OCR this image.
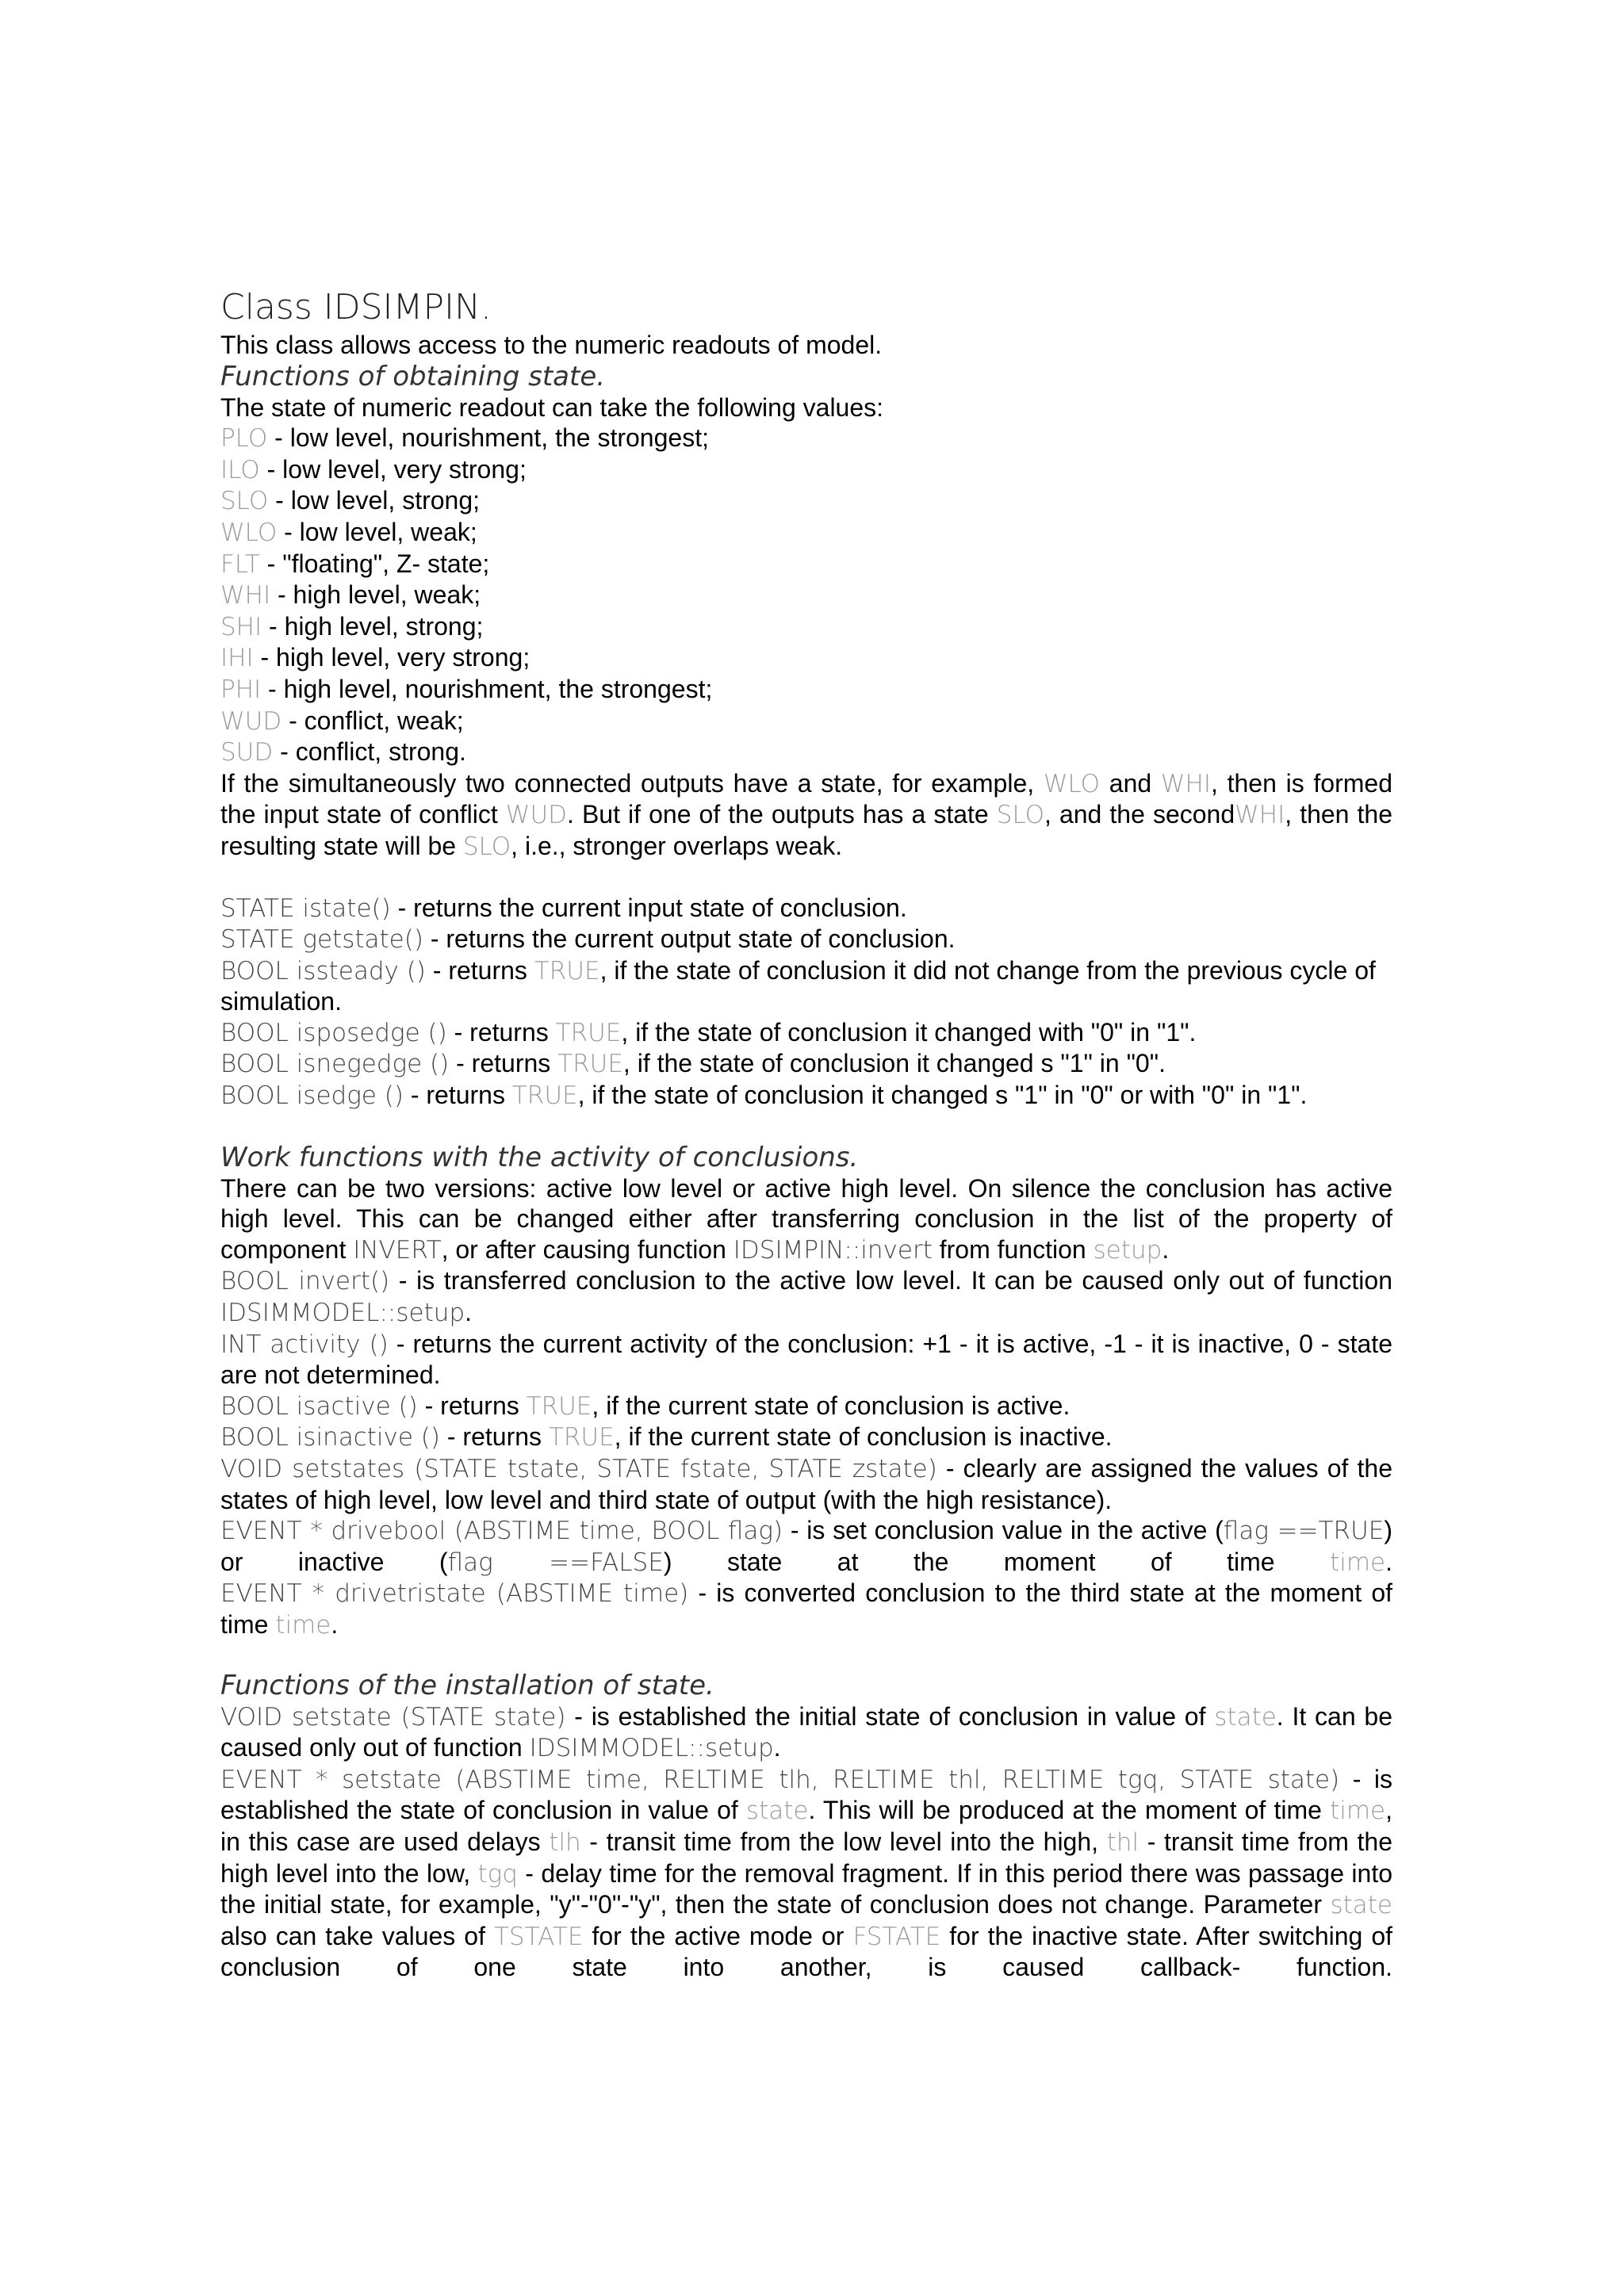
Class IDSIMPIN.
This class allows access to the numeric readouts of model.
Functions of obtaining state.
The state of numeric readout can take the following values:
PLO - low level, nourishment, the strongest;
ILO - low level, very strong;
SLO - low level, strong;
WLO - low level, weak;
FLT - "floating", Z- state;
WHI - high level, weak;
SHI - high level, strong;
IHI - high level, very strong;
PHI - high level, nourishment, the strongest;
WUD - conflict, weak;
SUD - conflict, strong.
If the simultaneously two connected outputs have a state, for example, WLO and WHI, then is formed the input state of conflict WUD. But if one of the outputs has a state SLO, and the secondWHI, then the resulting state will be SLO, i.e., stronger overlaps weak.
STATE istate() - returns the current input state of conclusion.
STATE getstate() - returns the current output state of conclusion.
BOOL issteady () - returns TRUE, if the state of conclusion it did not change from the previous cycle of simulation.
BOOL isposedge () - returns TRUE, if the state of conclusion it changed with "0" in "1".
BOOL isnegedge () - returns TRUE, if the state of conclusion it changed s "1" in "0".
BOOL isedge () - returns TRUE, if the state of conclusion it changed s "1" in "0" or with "0" in "1".
Work functions with the activity of conclusions.
There can be two versions: active low level or active high level. On silence the conclusion has active high level. This can be changed either after transferring conclusion in the list of the property of component INVERT, or after causing function IDSIMPIN::invert from function setup.
BOOL invert() - is transferred conclusion to the active low level. It can be caused only out of function IDSIMMODEL::setup.
INT activity () - returns the current activity of the conclusion: +1 - it is active, -1 - it is inactive, 0 - state are not determined.
BOOL isactive () - returns TRUE, if the current state of conclusion is active.
BOOL isinactive () - returns TRUE, if the current state of conclusion is inactive.
VOID setstates (STATE tstate, STATE fstate, STATE zstate) - clearly are assigned the values of the states of high level, low level and third state of output (with the high resistance).
EVENT * drivebool (ABSTIME time, BOOL flag) - is set conclusion value in the active (flag ==TRUE) or inactive (flag ==FALSE) state at the moment of time time.
EVENT * drivetristate (ABSTIME time) - is converted conclusion to the third state at the moment of time time.
Functions of the installation of state.
VOID setstate (STATE state) - is established the initial state of conclusion in value of state. It can be caused only out of function IDSIMMODEL::setup.
EVENT * setstate (ABSTIME time, RELTIME tlh, RELTIME thl, RELTIME tgq, STATE state) - is established the state of conclusion in value of state. This will be produced at the moment of time time, in this case are used delays tlh - transit time from the low level into the high, thl - transit time from the high level into the low, tgq - delay time for the removal fragment. If in this period there was passage into the initial state, for example, "y"-"0"-"y", then the state of conclusion does not change. Parameter state also can take values of TSTATE for the active mode or FSTATE for the inactive state. After switching of conclusion of one state into another, is caused callback- function.
